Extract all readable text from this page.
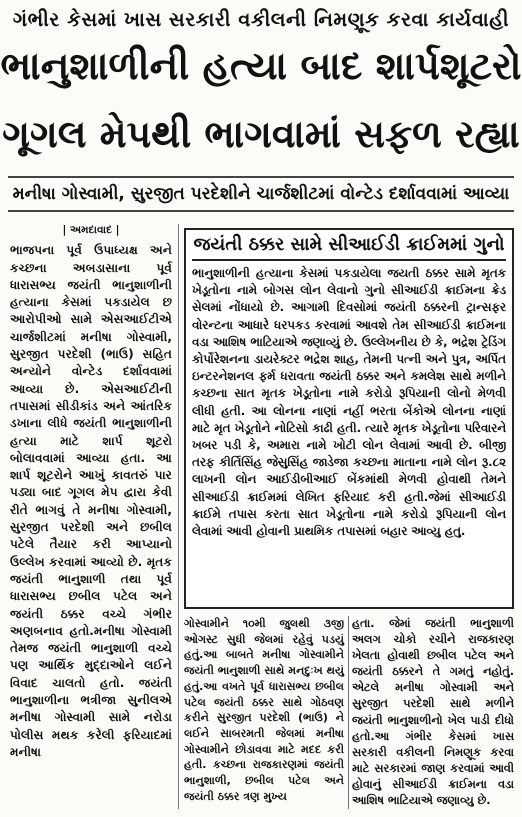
ગંભીર કેસમાં ખાસ સરકારી વકીલની નિમણૂક કરવા કાર્યવાહી
ભાનુશાળીની હત્યા બાદ શાર્પશૂટરો
ગૂગલ મેપથી ભાગવામાં સફળ રહ્યા
મનીષા ગોસ્વામી, સુરજીત પરદેશીને ચાર્જશીટમાં વોન્ટેડ દર્શાવવામાં આવ્યા
| અમદાવાદ |

ભાજપના પૂર્વ ઉપાધ્યક્ષ અને કચ્છના અબડાસાના પૂર્વ ધારાસભ્ય જયંતી ભાનુશાળીની હત્યાના કેસમાં પકડાયેલ છ આરોપીઓ સામે એસઆઈટીએ ચાર્જશીટમાં મનીષા ગોસ્વામી, સુરજીત પરદેશી (ભાઉ) સહિત અન્યોને વોન્ટેડ દર્શાવવામાં આવ્યા છે. એસઆઈટીની તપાસમાં સીડીકાંડ અને આંતરિક ડખાના લીધે જયંતી ભાનુશાળીની હત્યા માટે શાર્પ શૂટરો બોલાવવામાં આવ્યા હતા. આ શાર્પ શૂટરોને આખું કાવતરું પાર પડ્યા બાદ ગૂગલ મેપ દ્વારા કેવી રીતે ભાગવું તે મનીષા ગોસ્વામી, સુરજીત પરદેશી અને છબીલ પટેલે તૈયાર કરી આપ્યાનો ઉલ્લેખ કરવામાં આવ્યો છે. મૃતક જયંતી ભાનુશાળી તથા પૂર્વ ધારાસભ્ય છબીલ પટેલ અને જયંતી ઠક્કર વચ્ચે ગંભીર અણબનાવ હતો.મનીષા ગોસ્વામી તેમજ જયંતી ભાનુશાળી વચ્ચે પણ આર્થિક મુદ્દાઓને લઈને વિવાદ ચાલતો હતો. જયંતી ભાનુશાળીના ભત્રીજા સુનીલએ મનીષા ગોસ્વામી સામે નરોડા પોલીસ મથક કરેલી ફરિયાદમાં મનીષા

જયંતી ઠક્કર સામે સીઆઈડી ક્રાઈમમાં ગુનો
ભાનુશાળીની હત્યાના કેસમાં પકડાયેલા જયતી ઠક્કર સામે મૃતક ખેડૂતોના નામે બોગસ લોન લેવાનો ગુનો સીઆઈડી ક્રાઈમના ક્રેડ સેલમાં નોંધાયો છે. આગામી દિવસોમાં જયંતી ઠક્કરની ટ્રાન્સફર વોરન્ટના આધારે ધરપકડ કરવામાં આવશે તેમ સીઆઈડી ક્રાઈમના વડા આશિષ ભાટિયાએ જણાવ્યું છે. ઉલ્લેખનીય છે કે, ભદ્રેશ ટ્રેડિંગ કોર્પોરેશનના ડાયરેક્ટર ભદ્રેશ શાહ, તેમની પત્ની અને પુત્ર, અર્પિત ઇન્ટરનેશનલ ફર્મ ધરાવતા જયંતી ઠક્કર અને કમલેશ સાથે મળીને કચ્છના સાત મૃતક ખેડૂતોના નામે કરોડો રૂપિયાની લોનો મેળવી લીધી હતી. આ લોનના નાણાં નહીં ભરતા બેંકોએ લોનના નાણાં માટે મૃત ખેડૂતોને નોટિસો કાઢી હતી. ત્યારે મૃતક ખેડૂતોના પરિવારને ખબર પડી કે, અમારા નામે ખોટી લોન લેવામાં આવી છે. બીજી તરફ કીર્તિસિંહ જેસુસિંહ જાડેજા કચ્છના માતાના નામે લોન રૂ.૮૨ લાખની લોન આઈડીબીઆઈ બેંકમાંથી મેળવી હોવાથી તેમને સીઆઈડી ક્રાઈમમાં લેખિત ફરિયાદ કરી હતી.જેમાં સીઆઈડી ક્રાઈમે તપાસ કરતા સાત ખેડૂતોના નામે કરોડો રૂપિયાની લોન લેવામાં આવી હોવાની પ્રાથમિક તપાસમાં બહાર આવ્યુ હતુ.

ગોસ્વામીને ૧૦મી જુલથી ૩જી ઓગસ્ટ સુધી જેલમાં રહેવું પડયું હતું.આ બાબતે મનીષા ગોસ્વામીને જયંતી ભાનુશાળી સાથે મનદુઃખ થયું હતું.આ વખતે પૂર્વ ધારાસભ્ય છબીલ પટેલ જયંતી ઠક્કર સાથે ગોઠવણ કરીને સુરજીત પરદેશી (ભાઉ) ને લઈને સાબરમતી જેલમાં મનીષા ગોસ્વામીને છોડાવવા માટે મદદ કરી હતી. કચ્છના રાજકારણમાં જયંતી ભાનુશાળી, છબીલ પટેલ અને જયંતી ઠક્કર ત્રણ મુખ્ય

હતા. જેમાં જયંતી ભાનુશાળી અલગ ચોકો રચીને રાજકારણ ખેલતા હોવાથી છબીલ પટેલ અને જયંતી ઠક્કરને તે ગમતું નહોતું. એટલે મનીષા ગોસ્વામી અને સુરજીત પરદેશી સાથે મળીને જયંતી ભાનુશાળીનો ખેલ પાડી દીધો હતો.આ ગંભીર કેસમાં ખાસ સરકારી વકીલની નિમણૂક કરવા માટે સરકારમાં જાણ કરવામાં આવી હોવાનું સીઆઈડી ક્રાઈમના વડા આશિષ ભાટિયાએ જણાવ્યુ છે.
